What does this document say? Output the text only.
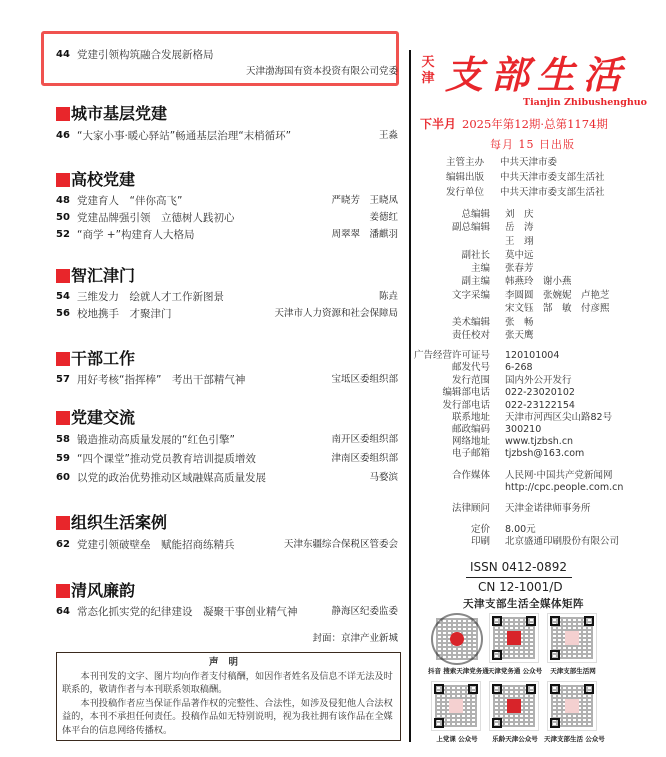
44 党建引领构筑融合发展新格局
天津渤海国有资本投资有限公司党委
城市基层党建
46 “大家小事·暖心驿站”畅通基层治理“末梢循环”	王淼
高校党建
48 党建育人　“伴你高飞”	严晓芳　王晓凤
50 党建品牌强引领　立德树人践初心	姜德红
52 “商学 +”构建育人大格局	周翠翠　潘麒羽
智汇津门
54 三维发力　绘就人才工作新图景	陈垚
56 校地携手　才聚津门	天津市人力资源和社会保障局
干部工作
57 用好考核“指挥棒”　考出干部精气神	宝坻区委组织部
党建交流
58 锻造推动高质量发展的“红色引擎”	南开区委组织部
59 “四个课堂”推动党员教育培训提质增效	津南区委组织部
60 以党的政治优势推动区域融媒高质量发展	马婺滨
组织生活案例
62 党建引领破壁垒　赋能招商练精兵	天津东疆综合保税区管委会
清风廉韵
64 常态化抓实党的纪律建设　凝聚干事创业精气神	静海区纪委监委
封面：京津产业新城
声明

本刊刊发的文字、图片均向作者支付稿酬，如因作者姓名及信息不详无法及时联系的，敬请作者与本刊联系领取稿酬。

本刊投稿作者应当保证作品著作权的完整性、合法性，如涉及侵犯他人合法权益的，本刊不承担任何责任。投稿作品如无特别说明，视为我社拥有该作品在全媒体平台的信息网络传播权。

天津 支部生活
Tianjin Zhibushenghuo
下半月 2025年第12期·总第1174期
每月 15 日出版
主管主办 中共天津市委
编辑出版 中共天津市委支部生活社
发行单位 中共天津市委支部生活社
总编辑 刘　庆
副总编辑 岳　涛
王　翊
副社长 莫中远
主编 张春芳
副主编 韩燕玲　谢小燕
文字采编 李圆圆　张婉妮　卢艳芝
宋文钰　郜　敏　付彦熙
美术编辑 张　畅
责任校对 张天鹰
广告经营许可证号 120101004
邮发代号 6-268
发行范围 国内外公开发行
编辑部电话 022-23020102
发行部电话 022-23122154
联系地址 天津市河西区尖山路82号
邮政编码 300210
网络地址 www.tjzbsh.cn
电子邮箱 tjzbsh@163.com
合作媒体 人民网·中国共产党新闻网
http://cpc.people.com.cn
法律顾问 天津金诺律师事务所
定价 8.00元
印刷 北京盛通印刷股份有限公司
ISSN 0412-0892
CN 12-1001/D
天津支部生活全媒体矩阵
抖音 搜索天津党务通 天津党务通 公众号	天津支部生活网
上党课 公众号	乐龄天津公众号 天津支部生活 公众号
